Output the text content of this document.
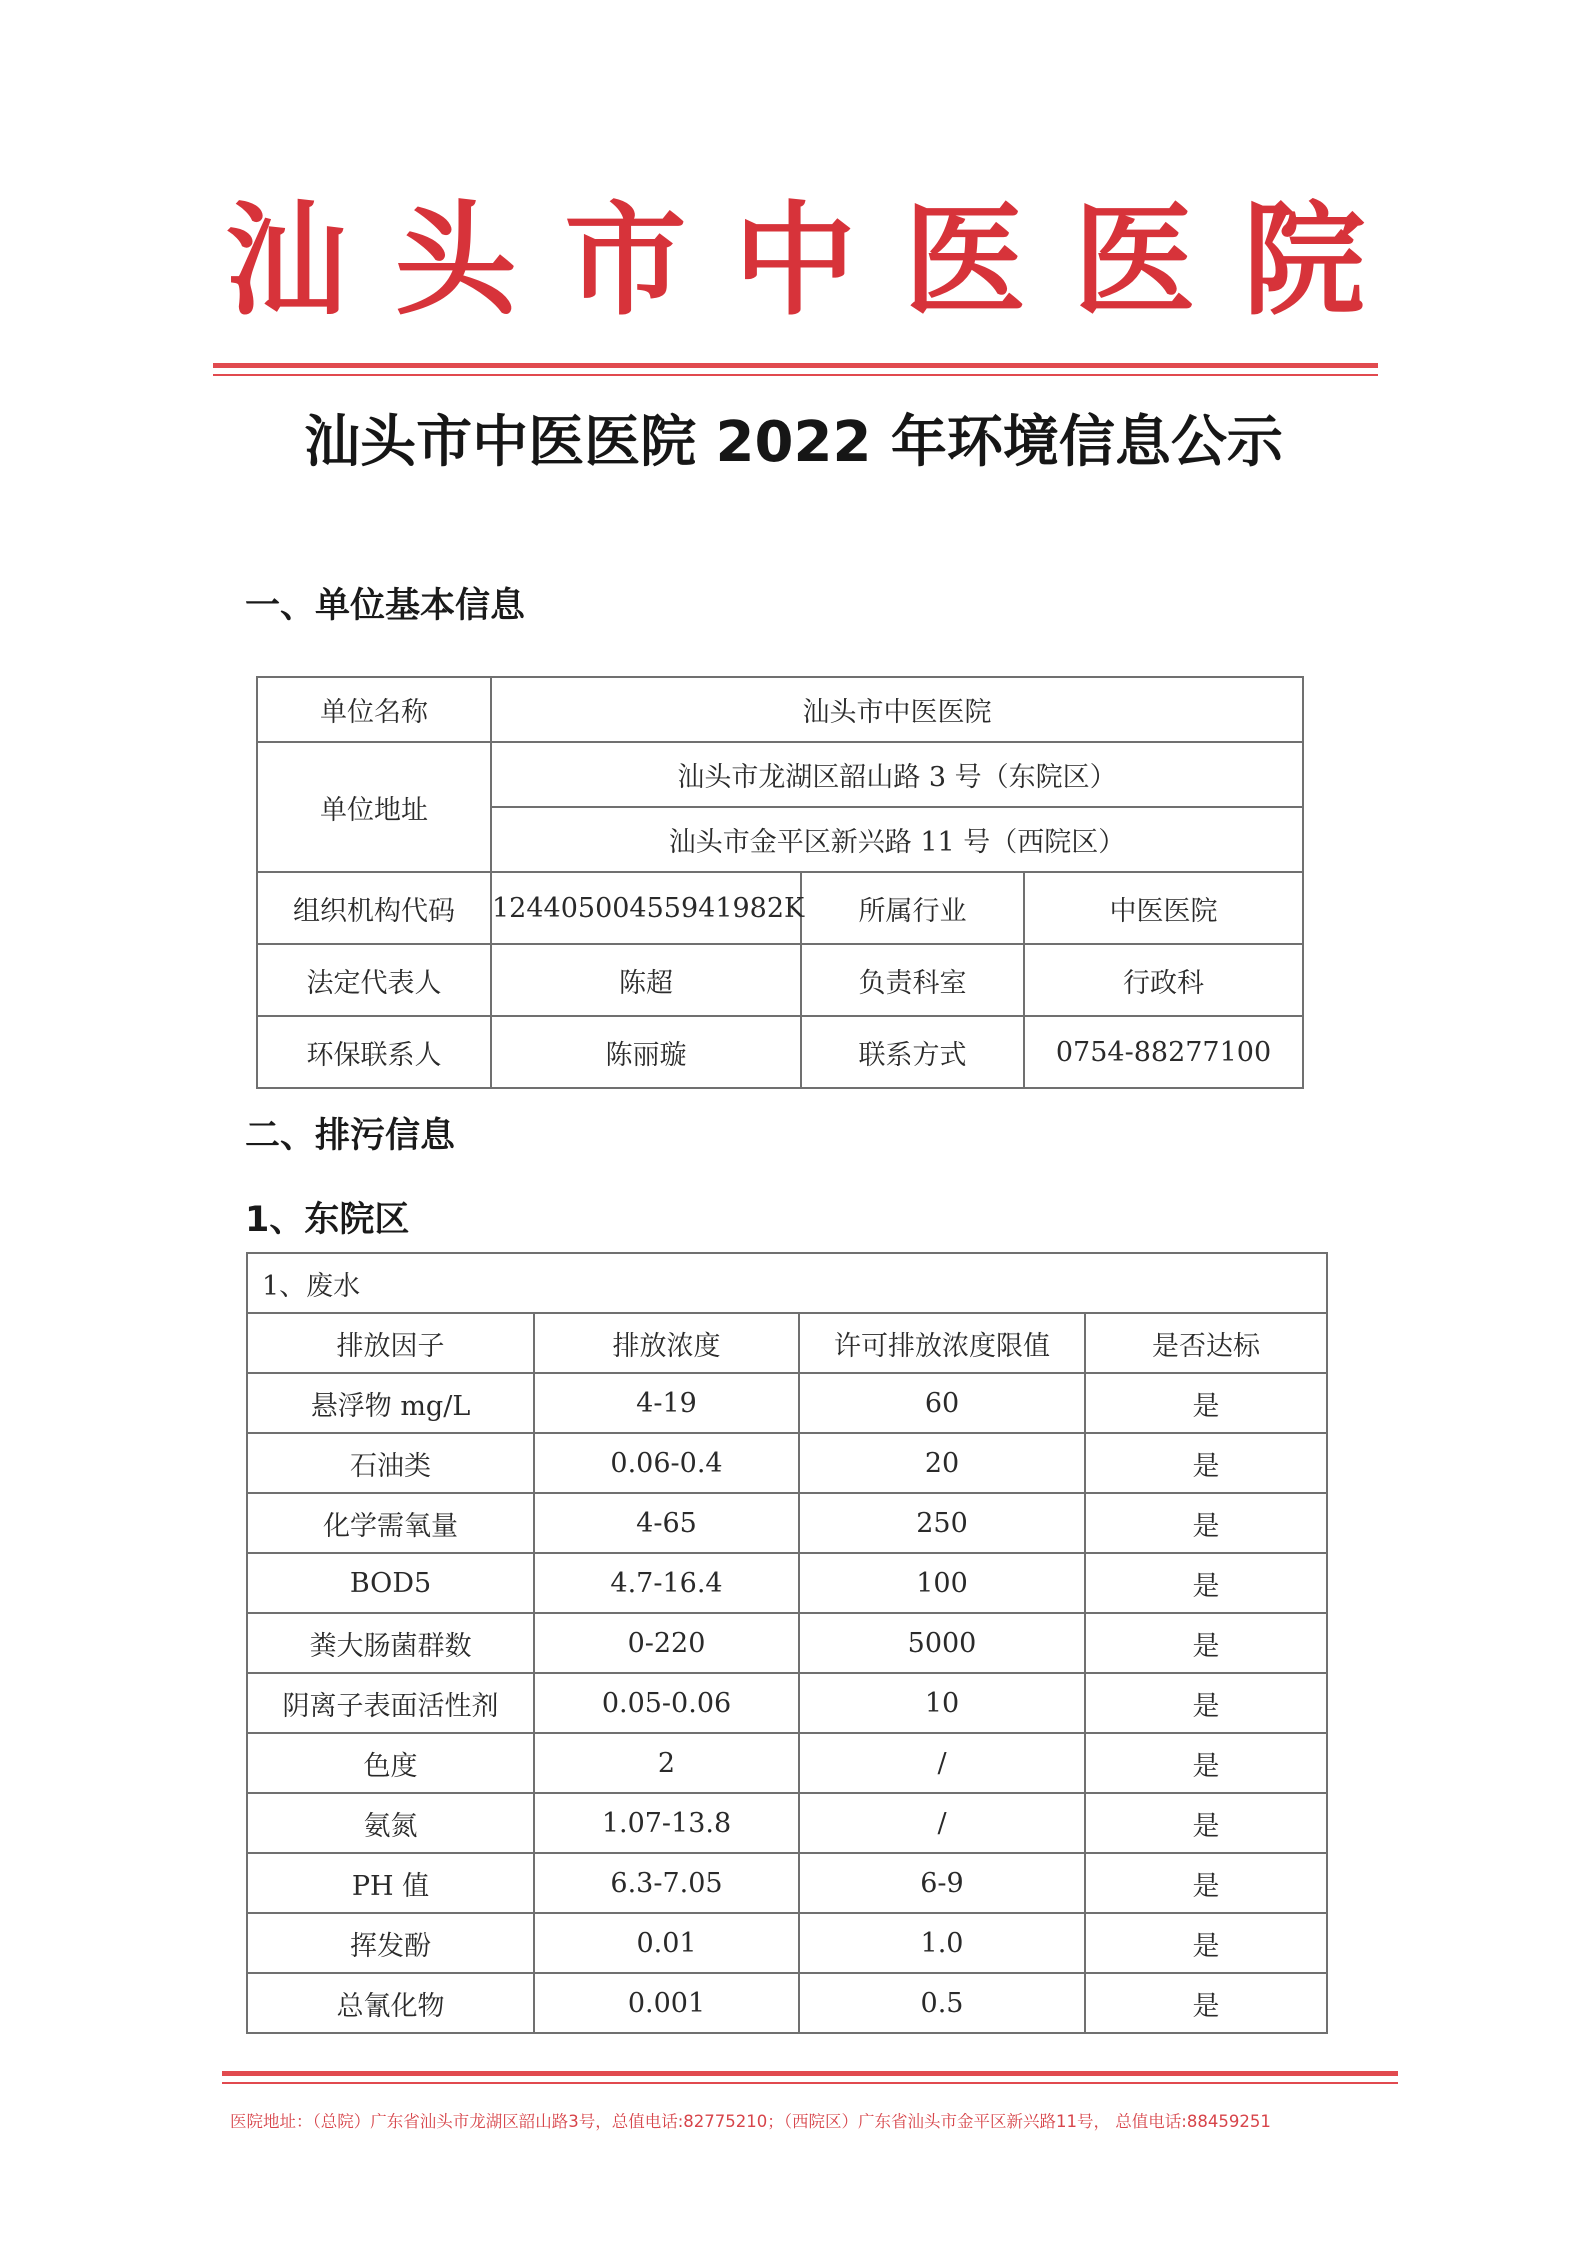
汕 头 市 中 医 医 院
汕头市中医医院 2022 年环境信息公示
一、单位基本信息
单位名称	汕头市中医医院		
单位地址	汕头市龙湖区韶山路 3 号（东院区）		
	汕头市金平区新兴路 11 号（西院区）		
组织机构代码	12440500455941982K	所属行业	中医医院
法定代表人	陈超	负责科室	行政科
环保联系人	陈丽璇	联系方式	0754-88277100
二、排污信息
1、东院区
1、废水			
排放因子	排放浓度	许可排放浓度限值	是否达标
悬浮物 mg/L	4-19	60	是
石油类	0.06-0.4	20	是
化学需氧量	4-65	250	是
BOD5	4.7-16.4	100	是
粪大肠菌群数	0-220	5000	是
阴离子表面活性剂	0.05-0.06	10	是
色度	2	/	是
氨氮	1.07-13.8	/	是
PH 值	6.3-7.05	6-9	是
挥发酚	0.01	1.0	是
总氰化物	0.001	0.5	是
医院地址：（总院）广东省汕头市龙湖区韶山路3号，总值电话:82775210；（西院区）广东省汕头市金平区新兴路11号， 总值电话:88459251
